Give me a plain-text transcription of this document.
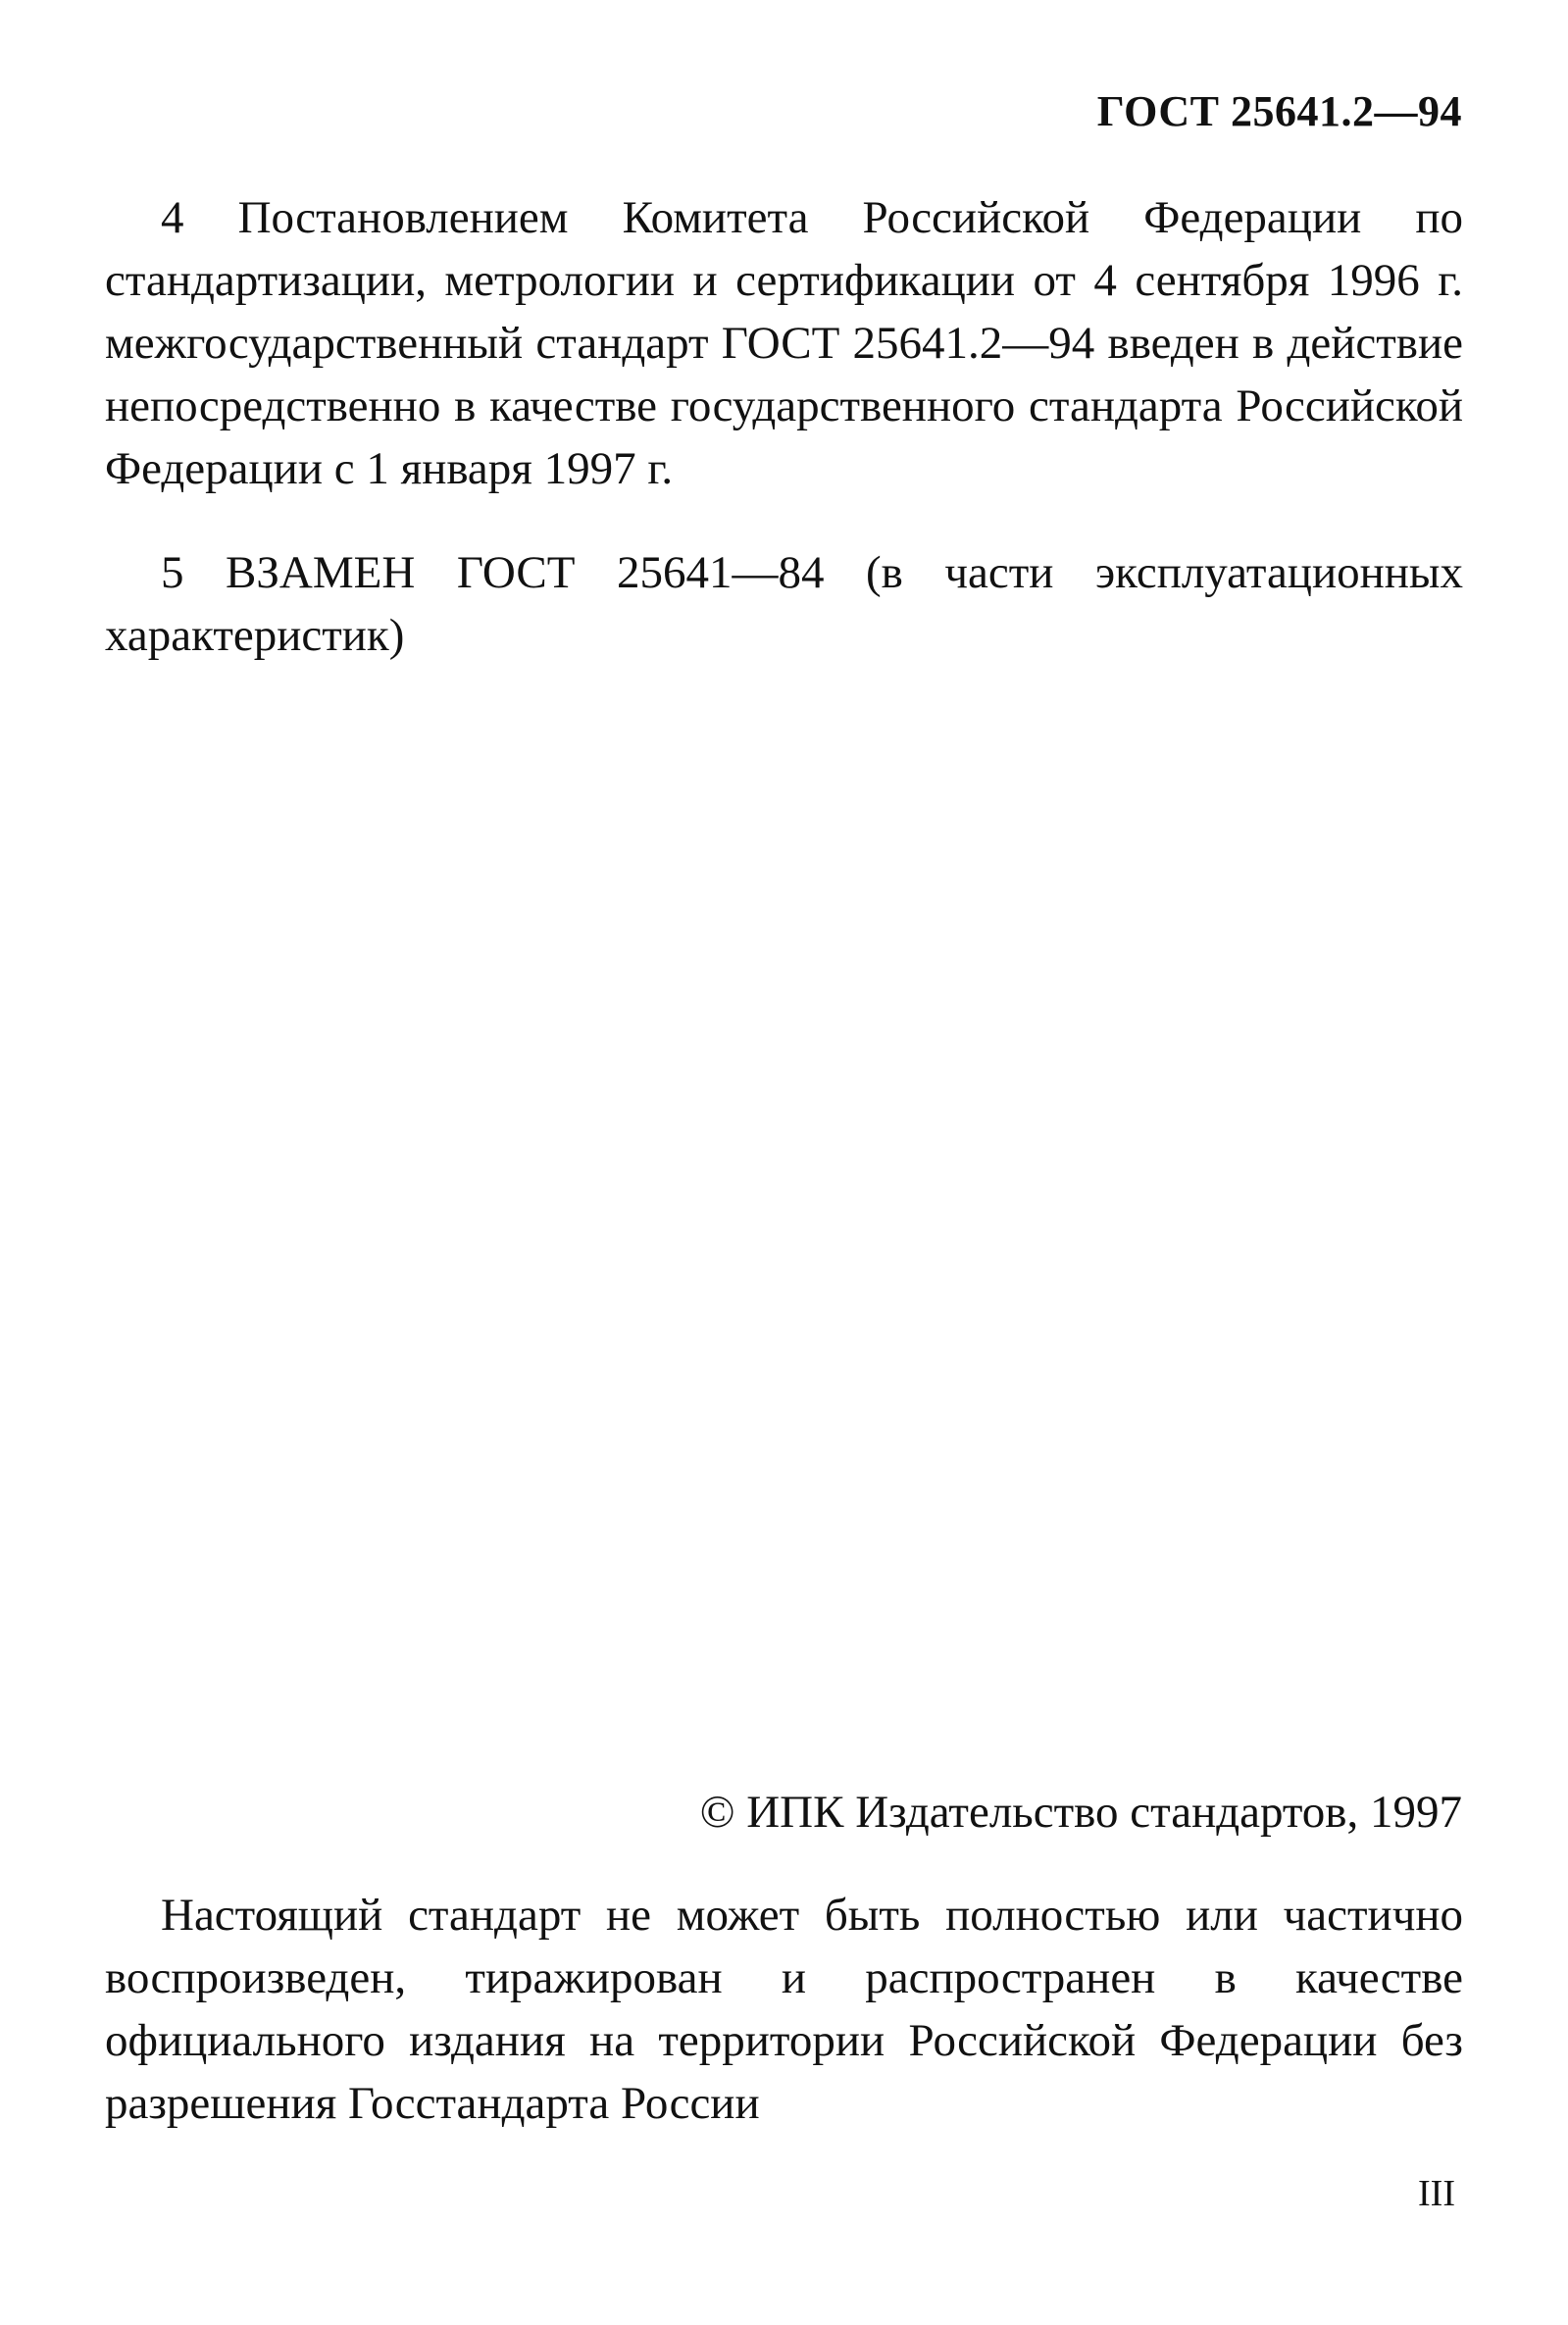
ГОСТ 25641.2—94

4 Постановлением Комитета Российской Федерации по стандартизации, метрологии и сертификации от 4 сентября 1996 г. межгосударственный стандарт ГОСТ 25641.2—94 введен в действие непосредственно в качестве государственного стандарта Российской Федерации с 1 января 1997 г.

5 ВЗАМЕН ГОСТ 25641—84 (в части эксплуатационных характеристик)

© ИПК Издательство стандартов, 1997

Настоящий стандарт не может быть полностью или частично воспроизведен, тиражирован и распространен в качестве официального издания на территории Российской Федерации без разрешения Госстандарта России

III
